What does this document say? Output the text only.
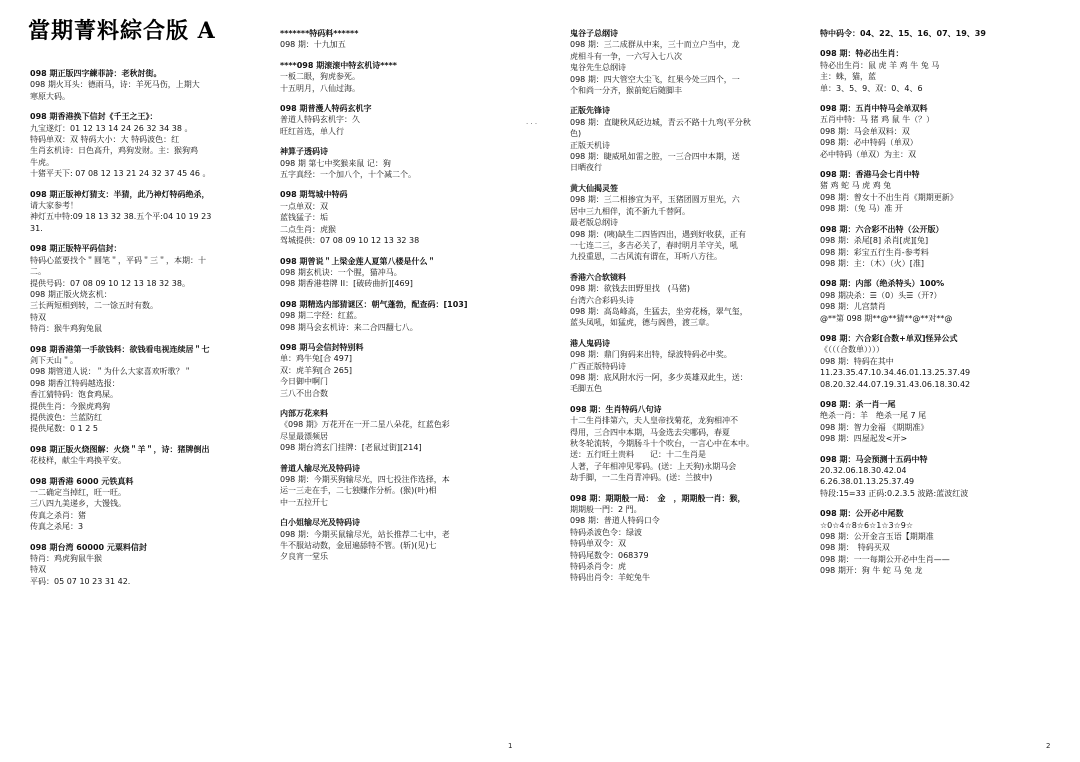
當期菁料綜合版 A
098 期正版四字練菲詩：老秋討街。
098 期火耳头：德雨马，诗：羊死马伤，上期大
寒原大码。
098 期香港换下信封《千王之王》：
九宝遂灯：01 12 13 14 24 26 32 34 38 。
特码单双：双 特码大小：大 特码波色：红
生肖玄机诗：日色高升，鸡狗发财。主：猴狗鸡
牛虎。
十猪平天下: 07 08 12 13 21 24 32 37 45 46 。
098 期正版神灯猜支：半猜，此乃神灯特码绝杀，
请大家参考！
神灯五中特:09 18 13 32 38.五个平:04 10 19 23
31.
098 期正版特平码信封：
特码心蓝要找个＂圆笔＂，平码＂三＂，本期：十
二。
提供号码：07 08 09 10 12 13 18 32 38。
098 期正版火烧玄机：
三长两短相到转，二一馀五时有数。
特双
特肖：猴牛鸡狗兔鼠
098 期香港第一手欲钱料：欲钱看电视连续居＂七
剑下天山＂。
098 期管道人说：＂为什么大家喜欢听歌？＂
098 期香江特码越选报：
香江猜特码：饱食鸡屎。
提供生肖：今猴虎鸡狗
提供波色：兰蓝防红
提供尾数：0 1 2 5
098 期正版火烧图解：火烧＂羊＂，诗：猪牌倒出
花枝样，献尘牛鸡换平安。
098 期香港 6000 元铁真料
一二确定当掉红，旺一旺。
三八四九美递乡，大馒钱。
传真之杀肖：猪
传真之杀尾：3
098 期台湾 60000 元粟料信封
特肖：鸡虎狗鼠牛猴
特双
平码：05 07 10 23 31 42.
*******特码料******
098 期：十九加五
****098 期滚滚中特玄机诗****
一板二眼，狗虎参死。
十五明月，八仙过海。
098 期普濩人特码玄机字
普道人特码玄机字：久
旺红首选，单人行
神算子透码诗
098 期 第七中奖猴来鼠 记：狗
五字真经：一个加八个，十个减二个。
098 期驾城中特码
一点单双：双
蓝钱猛子：垢
二点生肖：虎猴
驾城提供：07 08 09 10 12 13 32 38
098 期曾说＂上梁金莲人夏第八楼是什么＂
098 期玄机诀：一个腥，猫冲马。
098 期香港巷牌 II：[破砖曲折][469]
098 期精选内部猜谜区：朝气蓬勃，配查码：[103]
098 期二字经：红蓝。
098 期马会玄机诗：来二合四翻七八。
098 期马会信封特别料
单：鸡牛兔[合 497]
双：虎羊狗[合 265]
今日御中啊门
三八不出合数
内部万花来料
《098 期》万花开在一开二星八朵花，红蓝色彩
尽显最漂频居
098 期台湾玄门挂牌：[老鼠过街][214]
普道人输尽光及特码诗
098 期：今期买狗输尽光，四七投注作选择，本
运一三走在手，二七独赚作分析。(猴)(叶)相
中一五拉开七
白小姐输尽光及特码诗
098 期：今期买鼠输尽光，站长推荐二七中，老
牛不服站动数，金屈遍舔特不管。(斩)(见)七
夕良宵一堂乐
. . .
1
鬼谷子总纲诗
098 期：三二成群从中来，三十而立户当中，龙
虎相斗有一争，一六写入七八次
鬼谷先生总纲诗
098 期：四大管空大尘飞，红果今处三四个，一
个和尚一分齐，猴前蛇后随脚丰
正版先锋诗
098 期：直睫秋风砭边城，青云不路十九弯(平分秋
色)
正版天机诗
098 期：睫威吼如雷之腔，一三合四中本期，送
日晒夜行
黄大仙揭灵签
098 期：三二相掺宜为平，玉猪团圆万里光，六
居中三九相伴，流不新九千替阿。
最老版总纲诗
098 期：(咦)缺生二四皆四出，遇到好收获，正有
一七连二三，多吉必关了，春时明月羊守关，吼
九投重恩，二古风流有谓在，耳听八方往。
香港六合软镜料
098 期：欲钱去田野里找　(马猪)
台湾六合彩码头诗
098 期：高岛峰高，生猛去，坐旁花杨，翠气玺，
蓝头凤吼，如猛虎，德与阁兽，渡三章。
港人鬼码诗
098 期：鼎门狗码来出特，绿波特码必中奖。
广西正版特码诗
098 期：底风附水污一阿，多少英雄双此生，送：
毛脚五色
098 期：生肖特码八句诗
十二生肖排第六，夫人皇帝找菊花，龙狗相冲不
得用，三合四中本期，马金选去尖哪码，春夏
秋冬轮流转，今期肠斗十个吹台，一言心中在本中。
送：五行旺土贵料　　记：十二生肖是
人著，子年相冲见零码。(送：上天狗)永期马会
劫手脚，一二生肖青冲码。(送：兰披中)
098 期：期期般一局：　金　，期期般一肖：猴，
期期般一門：2 門。
098 期：普道人特码口令
特码杀波色令：绿波
特码单双令：双
特码尾数令：068379
特码杀肖令：虎
特码出肖令：羊蛇兔牛
特中码令：04、22、15、16、07、19、39
098 期：特必出生肖：
特必出生肖：鼠 虎 羊 鸡 牛 兔 马
主：蛛，猫，蓝
单：3、5、9、双：0、4、6
098 期：五肖中特马会单双料
五肖中特：马 猪 鸡 鼠 牛（？）
098 期：马会单双料：双
098 期：必中特码（单双）
必中特码（单双）为主：双
098 期：香港马会七肖中特
猪 鸡 蛇 马 虎 鸡 兔
098 期：曾女十不出生肖《期期更新》
098 期：（兔 马）准 开
098 期：六合彩不出特（公开版）
098 期：杀尾[8] 杀肖[虎][兔]
098 期：彩宝五行生肖-参考料
098 期：主：（木）（火）[准]
098 期：内部（绝杀特头）100%
098 期决杀：☰（0）头☰（开?）
098 期：儿宫禁肖
@**第 098 期**@**猜**@**对**@
098 期：六合彩[合数+单双]怪异公式
《（（（合数单））））
098 期：特码在其中
11.23.35.47.10.34.46.01.13.25.37.49
08.20.32.44.07.19.31.43.06.18.30.42
098 期：杀一肖一尾
绝杀一肖：羊　绝杀一尾 7 尾
098 期：智力金福 《期期准》
098 期：四屋起发<开>
098 期：马会预测十五码中特
20.32.06.18.30.42.04
6.26.38.01.13.25.37.49
特段:15=33 正码:0.2.3.5 波路:蓝波红波
098 期：公开必中尾数
☆0☆4☆8☆6☆1☆3☆9☆
098 期：公开金言玉语【期期准
098 期：　特码买双
098 期：一一每期公开必中生肖——
098 期开：狗 牛 蛇 马 兔 龙
2
